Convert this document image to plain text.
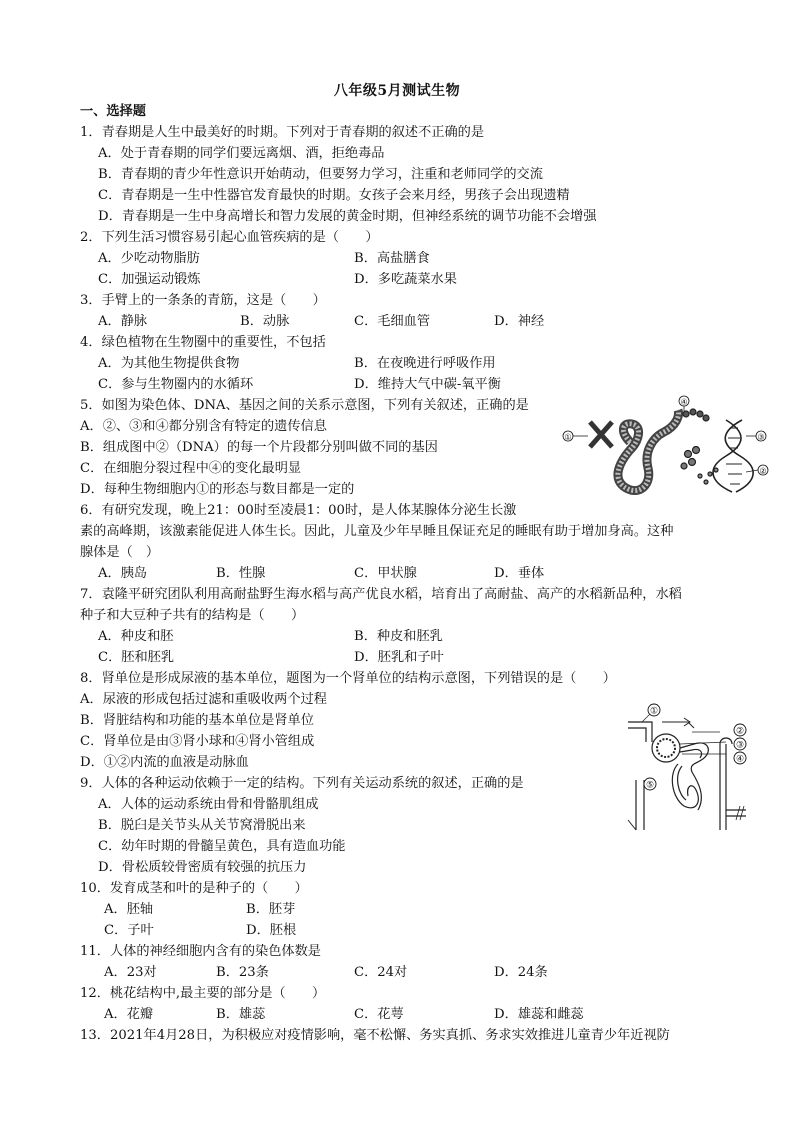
八年级5月测试生物
一、选择题
1．青春期是人生中最美好的时期。下列对于青春期的叙述不正确的是
A．处于青春期的同学们要远离烟、酒，拒绝毒品
B．青春期的青少年性意识开始萌动，但要努力学习，注重和老师同学的交流
C．青春期是一生中性器官发育最快的时期。女孩子会来月经，男孩子会出现遗精
D．青春期是一生中身高增长和智力发展的黄金时期，但神经系统的调节功能不会增强
2．下列生活习惯容易引起心血管疾病的是（　　）
A．少吃动物脂肪	B．高盐膳食
C．加强运动锻炼	D．多吃蔬菜水果
3．手臂上的一条条的青筋，这是（　　）
A．静脉	B．动脉	C．毛细血管	D．神经
4．绿色植物在生物圈中的重要性，不包括
A．为其他生物提供食物	B．在夜晚进行呼吸作用
C．参与生物圈内的水循环	D．维持大气中碳-氧平衡
5．如图为染色体、DNA、基因之间的关系示意图，下列有关叙述，正确的是
A．②、③和④都分别含有特定的遗传信息
B．组成图中②（DNA）的每一个片段都分别叫做不同的基因
C．在细胞分裂过程中④的变化最明显
D．每种生物细胞内①的形态与数目都是一定的
①
④
③
②
6．有研究发现，晚上21：00时至凌晨1：00时，是人体某腺体分泌生长激
素的高峰期，该激素能促进人体生长。因此，儿童及少年早睡且保证充足的睡眠有助于增加身高。这种
腺体是（　）
A．胰岛	B．性腺	C．甲状腺	D．垂体
7．袁隆平研究团队利用高耐盐野生海水稻与高产优良水稻，培育出了高耐盐、高产的水稻新品种，水稻
种子和大豆种子共有的结构是（　　）
A．种皮和胚	B．种皮和胚乳
C．胚和胚乳	D．胚乳和子叶
8．肾单位是形成尿液的基本单位，题图为一个肾单位的结构示意图，下列错误的是（　　）
A．尿液的形成包括过滤和重吸收两个过程
B．肾脏结构和功能的基本单位是肾单位
C．肾单位是由③肾小球和④肾小管组成
D．①②内流的血液是动脉血
①
②
③
④
⑤
9．人体的各种运动依赖于一定的结构。下列有关运动系统的叙述，正确的是
A．人体的运动系统由骨和骨骼肌组成
B．脱臼是关节头从关节窝滑脱出来
C．幼年时期的骨髓呈黄色，具有造血功能
D．骨松质较骨密质有较强的抗压力
10．发育成茎和叶的是种子的（　　）
A．胚轴	B．胚芽
C．子叶	D．胚根
11．人体的神经细胞内含有的染色体数是
A．23对	B．23条	C．24对	D．24条
12．桃花结构中,最主要的部分是（　　）
A．花瓣	B．雄蕊	C．花萼	D．雄蕊和雌蕊
13．2021年4月28日，为积极应对疫情影响，毫不松懈、务实真抓、务求实效推进儿童青少年近视防
